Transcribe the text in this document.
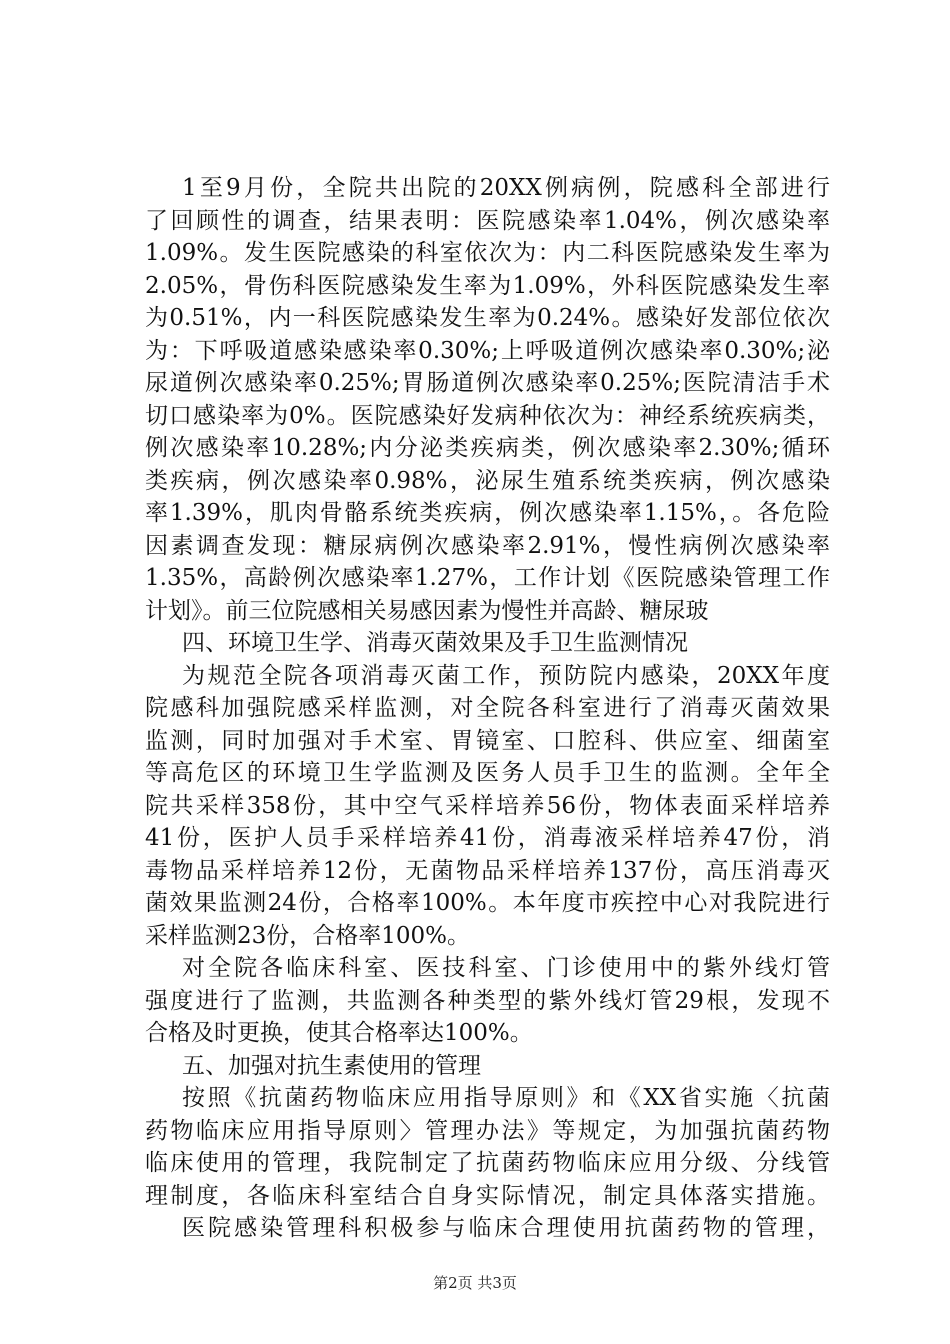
1至9月份，全院共出院的20XX例病例，院感科全部进行
了回顾性的调查，结果表明：医院感染率1.04%，例次感染率
1.09%。发生医院感染的科室依次为：内二科医院感染发生率为
2.05%，骨伤科医院感染发生率为1.09%，外科医院感染发生率
为0.51%，内一科医院感染发生率为0.24%。感染好发部位依次
为：下呼吸道感染感染率0.30%;上呼吸道例次感染率0.30%;泌
尿道例次感染率0.25%;胃肠道例次感染率0.25%;医院清洁手术
切口感染率为0%。医院感染好发病种依次为：神经系统疾病类，
例次感染率10.28%;内分泌类疾病类，例次感染率2.30%;循环
类疾病，例次感染率0.98%，泌尿生殖系统类疾病，例次感染
率1.39%，肌肉骨骼系统类疾病，例次感染率1.15%，。各危险
因素调查发现：糖尿病例次感染率2.91%，慢性病例次感染率
1.35%，高龄例次感染率1.27%，工作计划《医院感染管理工作
计划》。前三位院感相关易感因素为慢性并高龄、糖尿玻
四、环境卫生学、消毒灭菌效果及手卫生监测情况
为规范全院各项消毒灭菌工作，预防院内感染，20XX年度
院感科加强院感采样监测，对全院各科室进行了消毒灭菌效果
监测，同时加强对手术室、胃镜室、口腔科、供应室、细菌室
等高危区的环境卫生学监测及医务人员手卫生的监测。全年全
院共采样358份，其中空气采样培养56份，物体表面采样培养
41份，医护人员手采样培养41份，消毒液采样培养47份，消
毒物品采样培养12份，无菌物品采样培养137份，高压消毒灭
菌效果监测24份，合格率100%。本年度市疾控中心对我院进行
采样监测23份，合格率100%。
对全院各临床科室、医技科室、门诊使用中的紫外线灯管
强度进行了监测，共监测各种类型的紫外线灯管29根，发现不
合格及时更换，使其合格率达100%。
五、加强对抗生素使用的管理
按照《抗菌药物临床应用指导原则》和《XX省实施〈抗菌
药物临床应用指导原则〉管理办法》等规定，为加强抗菌药物
临床使用的管理，我院制定了抗菌药物临床应用分级、分线管
理制度，各临床科室结合自身实际情况，制定具体落实措施。
医院感染管理科积极参与临床合理使用抗菌药物的管理，
第2页 共3页
